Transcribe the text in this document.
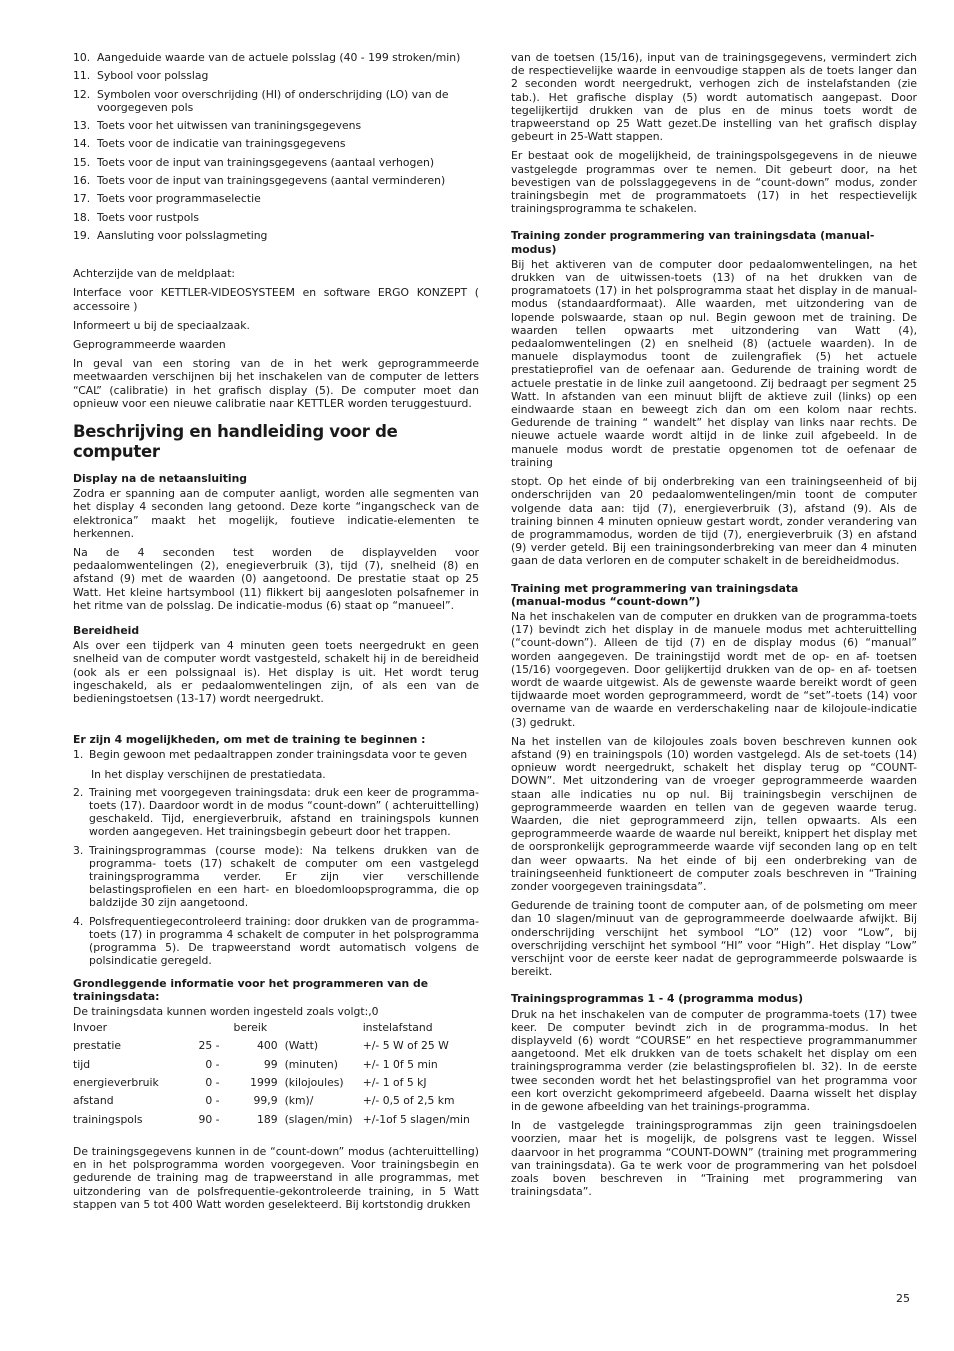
10. Aangeduide waarde van de actuele polsslag (40 - 199 stroken/min)
11. Sybool voor polsslag
12. Symbolen voor overschrijding (HI) of onderschrijding (LO) van de voorgegeven pols
13. Toets voor het uitwissen van traniningsgegevens
14. Toets voor de indicatie van trainingsgegevens
15. Toets voor de input van trainingsgegevens (aantaal verhogen)
16. Toets voor de input van trainingsgegevens (aantal verminderen)
17. Toets voor programmaselectie
18. Toets voor rustpols
19. Aansluting voor polsslagmeting

Achterzijde van de meldplaat:

Interface voor KETTLER-VIDEOSYSTEEM en software ERGO KONZEPT ( accessoire )

Informeert u bij de speciaalzaak.

Geprogrammeerde waarden

In geval van een storing van de in het werk geprogrammeerde meetwaarden verschijnen bij het inschakelen van de computer de letters “CAL” (calibratie) in het grafisch display (5). De computer moet dan opnieuw voor een nieuwe calibratie naar KETTLER worden teruggestuurd.

Beschrijving en handleiding voor de computer
Display na de netaansluiting

Zodra er spanning aan de computer aanligt, worden alle segmenten van het display 4 seconden lang getoond. Deze korte “ingangscheck van de elektronica” maakt het mogelijk, foutieve indicatie-elementen te herkennen.

Na de 4 seconden test worden de displayvelden voor pedaalomwentelingen (2), enegieverbruik (3), tijd (7), snelheid (8) en afstand (9) met de waarden (0) aangetoond. De prestatie staat op 25 Watt. Het kleine hartsymbool (11) flikkert bij aangesloten polsafnemer in het ritme van de polsslag. De indicatie-modus (6) staat op “manueel”.

Bereidheid

Als over een tijdperk van 4 minuten geen toets neergedrukt en geen snelheid van de computer wordt vastgesteld, schakelt hij in de bereidheid (ook als er een polssignaal is). Het display is uit. Het wordt terug ingeschakeld, als er pedaalomwentelingen zijn, of als een van de bedieningstoetsen (13-17) wordt neergedrukt.

Er zijn 4 mogelijkheden, om met de training te beginnen :
1. Begin gewoon met pedaaltrappen zonder trainingsdata voor te geven
In het display verschijnen de prestatiedata.
2. Training met voorgegeven trainingsdata: druk een keer de programma-toets (17). Daardoor wordt in de modus “count-down” ( achteruittelling) geschakeld. Tijd, energieverbruik, afstand en trainingspols kunnen worden aangegeven. Het trainingsbegin gebeurt door het trappen.
3. Trainingsprogrammas (course mode): Na telkens drukken van de programma- toets (17) schakelt de computer om een vastgelegd trainingsprogramma verder. Er zijn vier verschillende belastingsprofielen en een hart- en bloedomloopsprogramma, die op baldzijde 30 zijn aangetoond.
4. Polsfrequentiegecontroleerd training: door drukken van de programma-toets (17) in programma 4 schakelt de computer in het polsprogramma (programma 5). De trapweerstand wordt automatisch volgens de polsindicatie geregeld.
Grondleggende informatie voor het programmeren van de trainingsdata:

De trainingsdata kunnen worden ingesteld zoals volgt:,0

Invoer		bereik		instelafstand
prestatie	25 -	400	(Watt)	+/- 5 W of 25 W
tijd	0 -	99	(minuten)	+/- 1 0f 5 min
energieverbruik	0 -	1999	(kilojoules)	+/- 1 of 5 kJ
afstand	0 -	99,9	(km)/	+/- 0,5 of 2,5 km
trainingspols	90 -	189	(slagen/min)	+/-1of 5 slagen/min

De trainingsgegevens kunnen in de “count-down” modus (achteruittelling) en in het polsprogramma worden voorgegeven. Voor trainingsbegin en gedurende de training mag de trapweerstand in alle programmas, met uitzondering van de polsfrequentie-gekontroleerde training, in 5 Watt stappen van 5 tot 400 Watt worden geselekteerd. Bij kortstondig drukken

van de toetsen (15/16), input van de trainingsgegevens, vermindert zich de respectievelijke waarde in eenvoudige stappen als de toets langer dan 2 seconden wordt neergedrukt, verhogen zich de instelafstanden (zie tab.). Het grafische display (5) wordt automatisch aangepast. Door tegelijkertijd drukken van de plus en de minus toets wordt de trapweerstand op 25 Watt gezet.De instelling van het grafisch display gebeurt in 25-Watt stappen.

Er bestaat ook de mogelijkheid, de trainingspolsgegevens in de nieuwe vastgelegde programmas over te nemen. Dit gebeurt door, na het bevestigen van de polsslaggegevens in de “count-down” modus, zonder trainingsbegin met de programmatoets (17) in het respectievelijk trainingsprogramma te schakelen.

Training zonder programmering van trainingsdata (manual-modus)

Bij het aktiveren van de computer door pedaalomwentelingen, na het drukken van de uitwissen-toets (13) of na het drukken van de programatoets (17) in het polsprogramma staat het display in de manual-modus (standaardformaat). Alle waarden, met uitzondering van de lopende polswaarde, staan op nul. Begin gewoon met de training. De waarden tellen opwaarts met uitzondering van Watt (4), pedaalomwentelingen (2) en snelheid (8) (actuele waarden). In de manuele displaymodus toont de zuilengrafiek (5) het actuele prestatieprofiel van de oefenaar aan. Gedurende de training wordt de actuele prestatie in de linke zuil aangetoond. Zij bedraagt per segment 25 Watt. In afstanden van een minuut blijft de aktieve zuil (links) op een eindwaarde staan en beweegt zich dan om een kolom naar rechts. Gedurende de training “ wandelt” het display van links naar rechts. De nieuwe actuele waarde wordt altijd in de linke zuil afgebeeld. In de manuele modus wordt de prestatie opgenomen tot de oefenaar de training

stopt. Op het einde of bij onderbreking van een trainingseenheid of bij onderschrijden van 20 pedaalomwentelingen/min toont de computer volgende data aan: tijd (7), energieverbruik (3), afstand (9). Als de training binnen 4 minuten opnieuw gestart wordt, zonder verandering van de programmamodus, worden de tijd (7), energieverbruik (3) en afstand (9) verder geteld. Bij een trainingsonderbreking van meer dan 4 minuten gaan de data verloren en de computer schakelt in de bereidheidmodus.

Training met programmering van trainingsdata
(manual-modus “count-down”)

Na het inschakelen van de computer en drukken van de programma-toets (17) bevindt zich het display in de manuele modus met achteruittelling (“count-down”). Alleen de tijd (7) en de display modus (6) “manual” worden aangegeven. De trainingstijd wordt met de op- en af- toetsen (15/16) voorgegeven. Door gelijkertijd drukken van de op- en af- toetsen wordt de waarde uitgewist. Als de gewenste waarde bereikt wordt of geen tijdwaarde moet worden geprogrammeerd, wordt de “set”-toets (14) voor overname van de waarde en verderschakeling naar de kilojoule-indicatie (3) gedrukt.

Na het instellen van de kilojoules zoals boven beschreven kunnen ook afstand (9) en trainingspols (10) worden vastgelegd. Als de set-toets (14) opnieuw wordt neergedrukt, schakelt het display terug op “COUNT-DOWN”. Met uitzondering van de vroeger geprogrammeerde waarden staan alle indicaties nu op nul. Bij trainingsbegin verschijnen de geprogrammeerde waarden en tellen van de gegeven waarde terug. Waarden, die niet geprogrammeerd zijn, tellen opwaarts. Als een geprogrammeerde waarde de waarde nul bereikt, knippert het display met de oorspronkelijk geprogrammeerde waarde vijf seconden lang op en telt dan weer opwaarts. Na het einde of bij een onderbreking van de trainingseenheid funktioneert de computer zoals beschreven in “Training zonder voorgegeven trainingsdata”.

Gedurende de training toont de computer aan, of de polsmeting om meer dan 10 slagen/minuut van de geprogrammeerde doelwaarde afwijkt. Bij onderschrijding verschijnt het symbool “LO” (12) voor “Low”, bij overschrijding verschijnt het symbool “HI” voor “High”. Het display “Low” verschijnt voor de eerste keer nadat de geprogrammeerde polswaarde is bereikt.

Trainingsprogrammas 1 - 4 (programma modus)

Druk na het inschakelen van de computer de programma-toets (17) twee keer. De computer bevindt zich in de programma-modus. In het displayveld (6) wordt “COURSE” en het respectieve programmanummer aangetoond. Met elk drukken van de toets schakelt het display om een trainingsprogramma verder (zie belastingsprofielen bl. 32). In de eerste twee seconden wordt het het belastingsprofiel van het programma voor een kort overzicht gekomprimeerd afgebeeld. Daarna wisselt het display in de gewone afbeelding van het trainings-programma.

In de vastgelegde trainingsprogrammas zijn geen trainingsdoelen voorzien, maar het is mogelijk, de polsgrens vast te leggen. Wissel daarvoor in het programma “COUNT-DOWN” (training met programmering van trainingsdata). Ga te werk voor de programmering van het polsdoel zoals boven beschreven in “Training met programmering van trainingsdata”.

25
